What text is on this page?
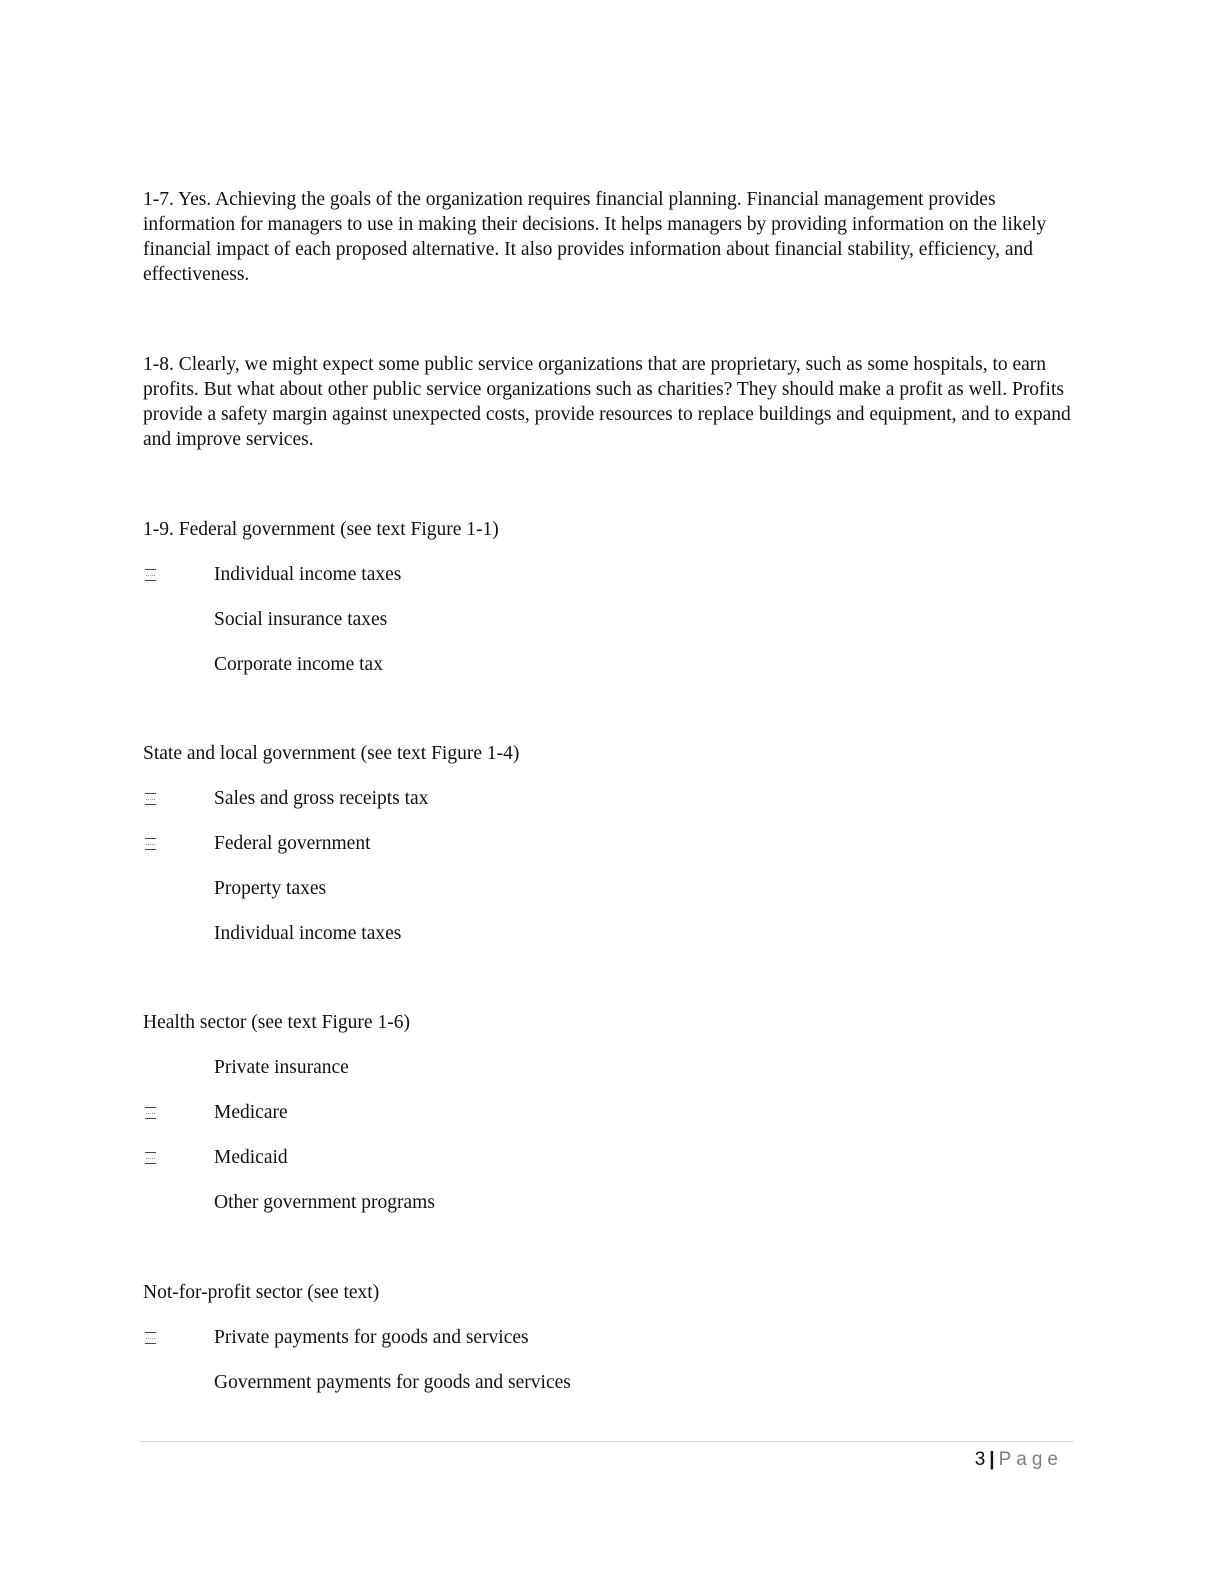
1-7. Yes. Achieving the goals of the organization requires financial planning. Financial management provides information for managers to use in making their decisions. It helps managers by providing information on the likely financial impact of each proposed alternative. It also provides information about financial stability, efficiency, and effectiveness.

1-8. Clearly, we might expect some public service organizations that are proprietary, such as some hospitals, to earn profits. But what about other public service organizations such as charities? They should make a profit as well. Profits provide a safety margin against unexpected costs, provide resources to replace buildings and equipment, and to expand and improve services.

1-9. Federal government (see text Figure 1-1)

Individual income taxes
Social insurance taxes
Corporate income tax

State and local government (see text Figure 1-4)

Sales and gross receipts tax
Federal government
Property taxes
Individual income taxes

Health sector (see text Figure 1-6)

Private insurance
Medicare
Medicaid
Other government programs

Not-for-profit sector (see text)

Private payments for goods and services
Government payments for goods and services
3 | Page
